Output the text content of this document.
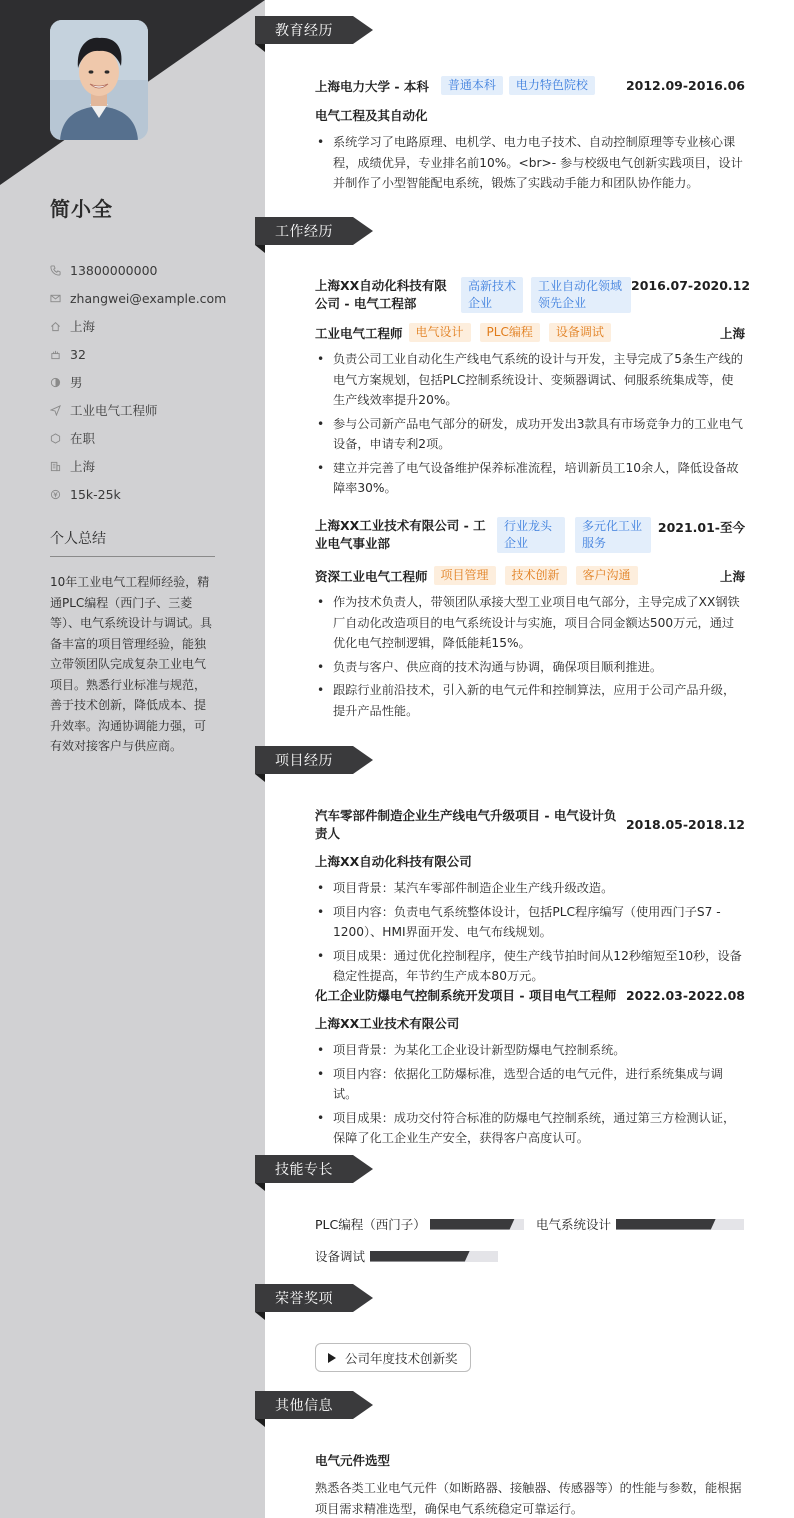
简小全
13800000000
zhangwei@example.com
上海
32
男
工业电气工程师
在职
上海
15k-25k
个人总结
10年工业电气工程师经验，精通PLC编程（西门子、三菱等）、电气系统设计与调试。具备丰富的项目管理经验，能独立带领团队完成复杂工业电气项目。熟悉行业标准与规范，善于技术创新，降低成本、提升效率。沟通协调能力强，可有效对接客户与供应商。
教育经历
工作经历
项目经历
技能专长
荣誉奖项
其他信息
上海电力大学 - 本科	普通本科	电力特色院校	2012.09-2016.06
电气工程及其自动化
• 系统学习了电路原理、电机学、电力电子技术、自动控制原理等专业核心课程，成绩优异，专业排名前10%。<br>- 参与校级电气创新实践项目，设计并制作了小型智能配电系统，锻炼了实践动手能力和团队协作能力。
上海XX自动化科技有限公司 - 电气工程部
高新技术企业
工业自动化领域领先企业
2016.07-2020.12
工业电气工程师	电气设计	PLC编程	设备调试	上海
• 负责公司工业自动化生产线电气系统的设计与开发，主导完成了5条生产线的电气方案规划，包括PLC控制系统设计、变频器调试、伺服系统集成等，使生产线效率提升20%。
• 参与公司新产品电气部分的研发，成功开发出3款具有市场竞争力的工业电气设备，申请专利2项。
• 建立并完善了电气设备维护保养标准流程，培训新员工10余人，降低设备故障率30%。
上海XX工业技术有限公司 - 工业电气事业部
行业龙头企业
多元化工业服务
2021.01-至今
资深工业电气工程师	项目管理	技术创新	客户沟通	上海
• 作为技术负责人，带领团队承接大型工业项目电气部分，主导完成了XX钢铁厂自动化改造项目的电气系统设计与实施，项目合同金额达500万元，通过优化电气控制逻辑，降低能耗15%。
• 负责与客户、供应商的技术沟通与协调，确保项目顺利推进。
• 跟踪行业前沿技术，引入新的电气元件和控制算法，应用于公司产品升级，提升产品性能。
汽车零部件制造企业生产线电气升级项目 - 电气设计负责人
2018.05-2018.12
上海XX自动化科技有限公司
• 项目背景：某汽车零部件制造企业生产线升级改造。
• 项目内容：负责电气系统整体设计，包括PLC程序编写（使用西门子S7 - 1200）、HMI界面开发、电气布线规划。
• 项目成果：通过优化控制程序，使生产线节拍时间从12秒缩短至10秒，设备稳定性提高，年节约生产成本80万元。
化工企业防爆电气控制系统开发项目 - 项目电气工程师 2022.03-2022.08
上海XX工业技术有限公司
• 项目背景：为某化工企业设计新型防爆电气控制系统。
• 项目内容：依据化工防爆标准，选型合适的电气元件，进行系统集成与调试。
• 项目成果：成功交付符合标准的防爆电气控制系统，通过第三方检测认证，保障了化工企业生产安全，获得客户高度认可。
PLC编程（西门子）	电气系统设计
设备调试
公司年度技术创新奖
电气元件选型
熟悉各类工业电气元件（如断路器、接触器、传感器等）的性能与参数，能根据项目需求精准选型，确保电气系统稳定可靠运行。
